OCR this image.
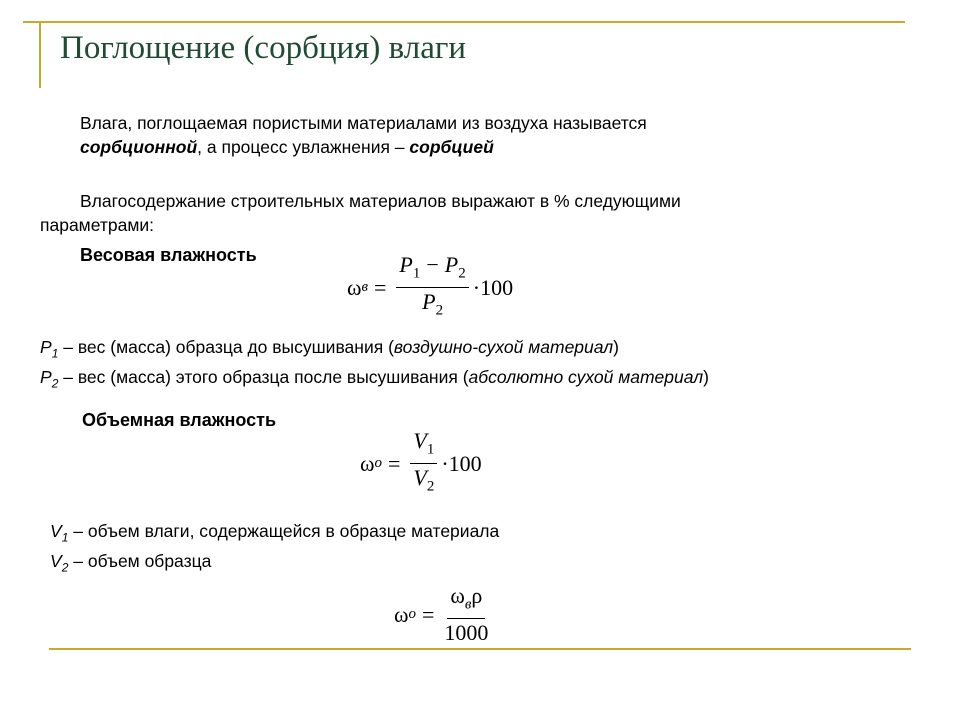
Поглощение (сорбция) влаги
Влага, поглощаемая пористыми материалами из воздуха называется
сорбционной, а процесс увлажнения – сорбцией
Влагосодержание строительных материалов выражают в % следующими
параметрами:
Весовая влажность
ω $в = \frac{P_1 - P_2}{P_2} \cdot 100$
$P_1$ – вес (масса) образца до высушивания (воздушно-сухой материал)
$P_2$ – вес (масса) этого образца после высушивания (абсолютно сухой материал)
Объемная влажность
ω $о = \frac{V_1}{V_2} \cdot 100$
$V_1$ – объем влаги, содержащейся в образце материала
$V_2$ – объем образца
ω $о = \frac{\omega_в\rho}{1000}$
